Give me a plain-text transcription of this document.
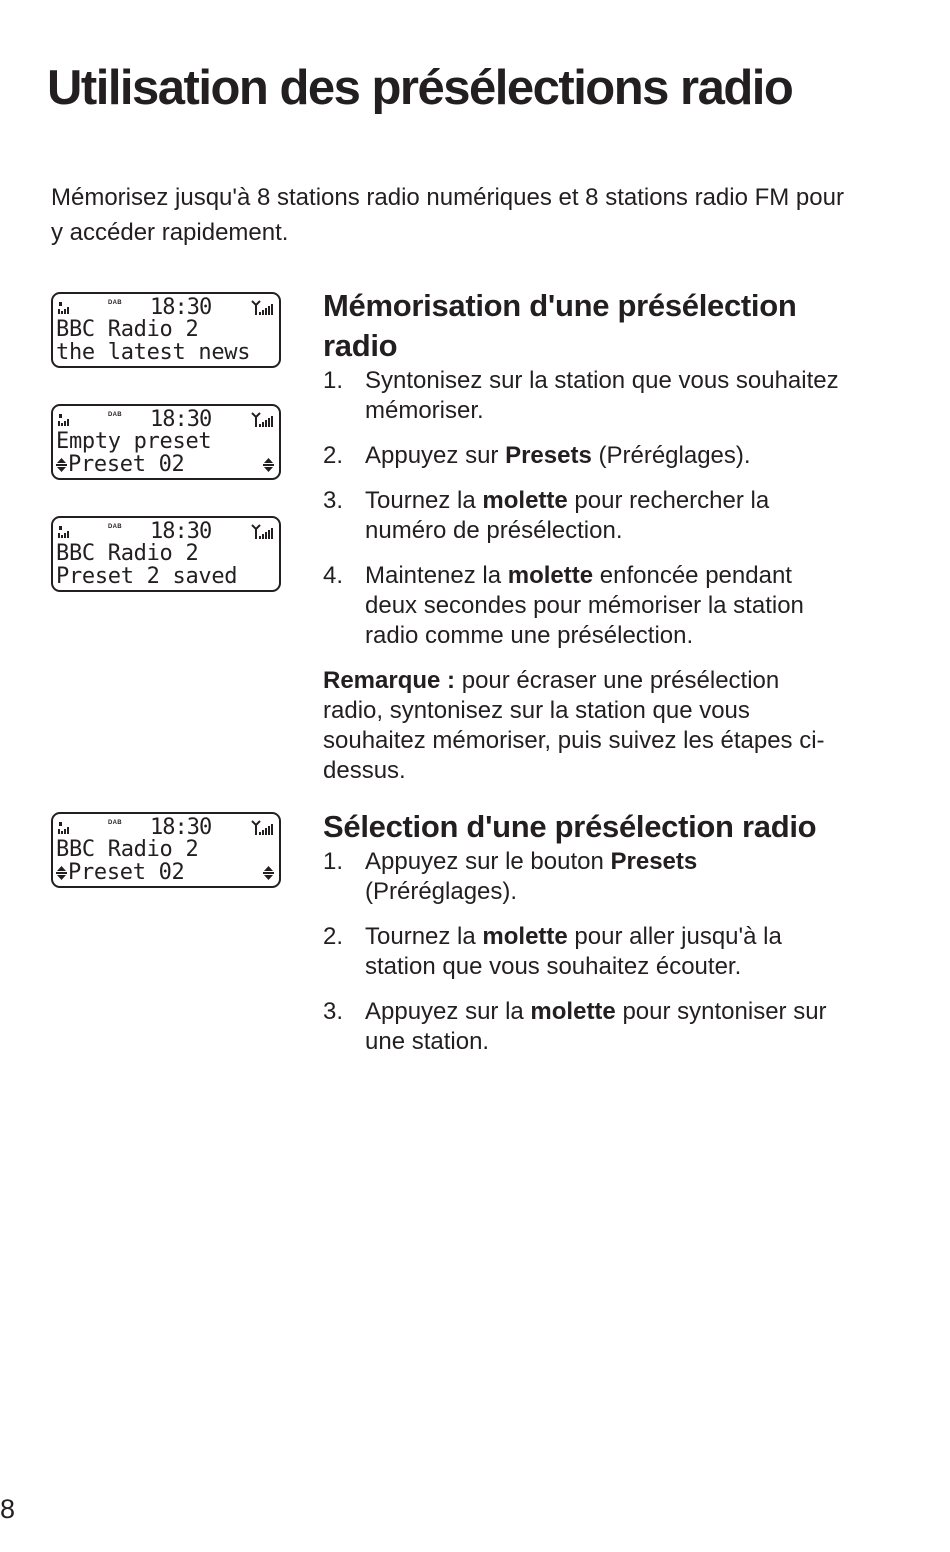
Utilisation des présélections radio

Mémorisez jusqu'à 8 stations radio numériques et 8 stations radio FM pour y accéder rapidement.

DAB 18:30
BBC Radio 2
the latest news
DAB 18:30
Empty preset
Preset 02
DAB 18:30
BBC Radio 2
Preset 2 saved
DAB 18:30
BBC Radio 2
Preset 02
Mémorisation d'une présélection radio
1. Syntonisez sur la station que vous souhaitez mémoriser.
2. Appuyez sur Presets (Préréglages).
3. Tournez la molette pour rechercher la numéro de présélection.
4. Maintenez la molette enfoncée pendant deux secondes pour mémoriser la station radio comme une présélection.

Remarque : pour écraser une présélection radio, syntonisez sur la station que vous souhaitez mémoriser, puis suivez les étapes ci-dessus.

Sélection d'une présélection radio
1. Appuyez sur le bouton Presets (Préréglages).
2. Tournez la molette pour aller jusqu'à la station que vous souhaitez écouter.
3. Appuyez sur la molette pour syntoniser sur une station.
8
